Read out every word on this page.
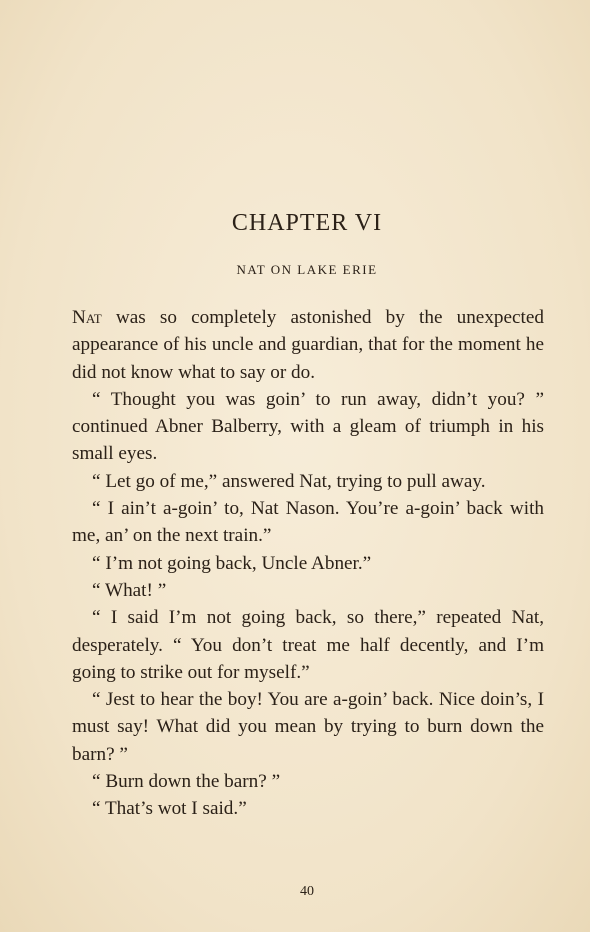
CHAPTER VI
NAT ON LAKE ERIE

Nat was so completely astonished by the unexpected appearance of his uncle and guardian, that for the moment he did not know what to say or do.

“ Thought you was goin’ to run away, didn’t you? ” continued Abner Balberry, with a gleam of triumph in his small eyes.

“ Let go of me,” answered Nat, trying to pull away.

“ I ain’t a-goin’ to, Nat Nason. You’re a-goin’ back with me, an’ on the next train.”

“ I’m not going back, Uncle Abner.”

“ What! ”

“ I said I’m not going back, so there,” repeated Nat, desperately. “ You don’t treat me half decently, and I’m going to strike out for myself.”

“ Jest to hear the boy! You are a-goin’ back. Nice doin’s, I must say! What did you mean by trying to burn down the barn? ”

“ Burn down the barn? ”

“ That’s wot I said.”

40
